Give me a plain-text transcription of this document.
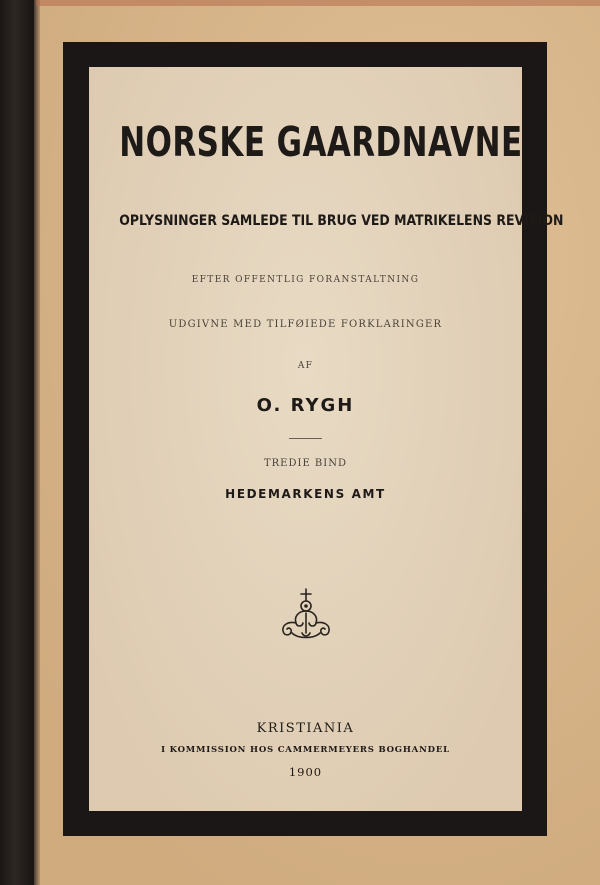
NORSKE GAARDNAVNE
OPLYSNINGER SAMLEDE TIL BRUG VED MATRIKELENS REVISION
EFTER OFFENTLIG FORANSTALTNING
UDGIVNE MED TILFØIEDE FORKLARINGER
AF
O. RYGH
TREDIE BIND
HEDEMARKENS AMT
KRISTIANIA
I KOMMISSION HOS CAMMERMEYERS BOGHANDEL
1900
